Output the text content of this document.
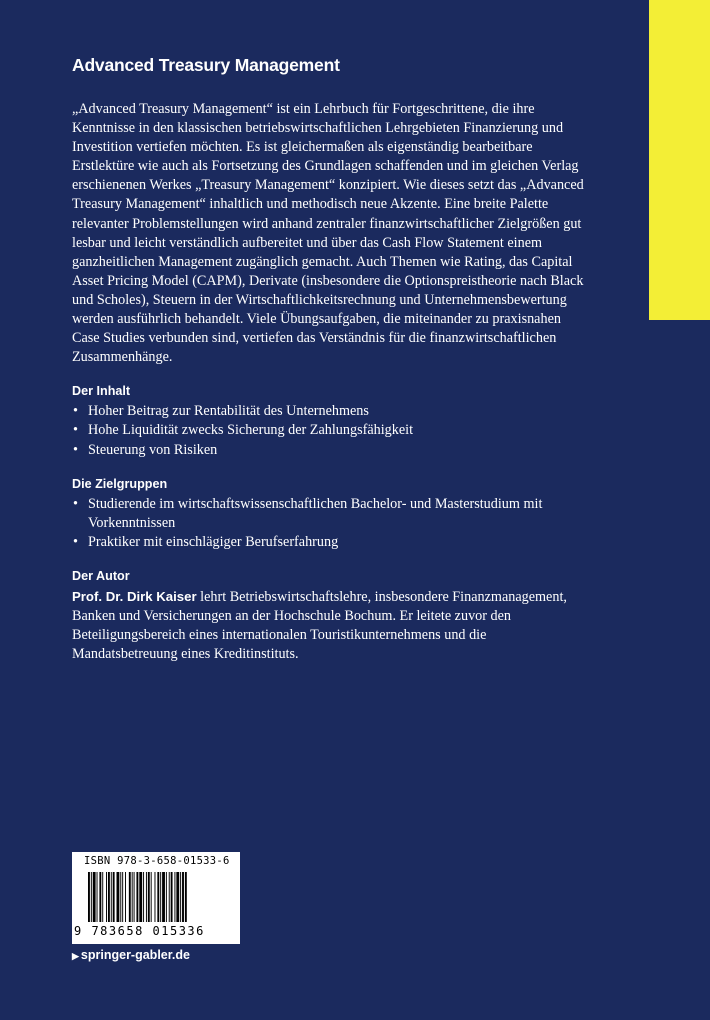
Advanced Treasury Management

„Advanced Treasury Management“ ist ein Lehrbuch für Fortgeschrittene, die ihre Kenntnisse in den klassischen betriebswirtschaftlichen Lehrgebieten Finanzierung und Investition vertiefen möchten. Es ist gleichermaßen als eigenständig bearbeitbare Erstlektüre wie auch als Fortsetzung des Grundlagen schaffenden und im gleichen Verlag erschienenen Werkes „Treasury Management“ konzipiert. Wie dieses setzt das „Advanced Treasury Management“ inhaltlich und methodisch neue Akzente. Eine breite Palette relevanter Problemstellungen wird anhand zentraler finanzwirtschaftlicher Zielgrößen gut lesbar und leicht verständlich aufbereitet und über das Cash Flow Statement einem ganzheitlichen Management zugänglich gemacht. Auch Themen wie Rating, das Capital Asset Pricing Model (CAPM), Derivate (insbesondere die Optionspreistheorie nach Black und Scholes), Steuern in der Wirtschaftlichkeitsrechnung und Unternehmensbewertung werden ausführlich behandelt. Viele Übungsaufgaben, die miteinander zu praxisnahen Case Studies verbunden sind, vertiefen das Verständnis für die finanzwirtschaftlichen Zusammenhänge.

Der Inhalt
• Hoher Beitrag zur Rentabilität des Unternehmens
• Hohe Liquidität zwecks Sicherung der Zahlungsfähigkeit
• Steuerung von Risiken
Die Zielgruppen
• Studierende im wirtschaftswissenschaftlichen Bachelor- und Masterstudium mit Vorkenntnissen
• Praktiker mit einschlägiger Berufserfahrung
Der Autor

Prof. Dr. Dirk Kaiser lehrt Betriebswirtschaftslehre, insbesondere Finanzmanagement, Banken und Versicherungen an der Hochschule Bochum. Er leitete zuvor den Beteiligungsbereich eines internationalen Touristikunternehmens und die Mandatsbetreuung eines Kreditinstituts.

ISBN 978-3-658-01533-6
9 783658 015336
▶ springer-gabler.de
